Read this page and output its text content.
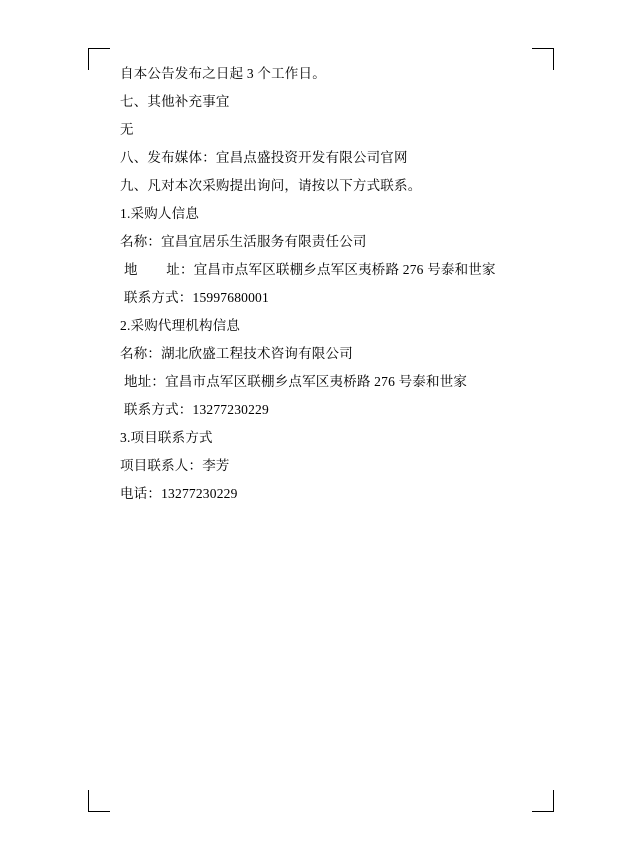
自本公告发布之日起 3 个工作日。
七、其他补充事宜
无
八、发布媒体：宜昌点盛投资开发有限公司官网
九、凡对本次采购提出询问，请按以下方式联系。
1.采购人信息
名称：宜昌宜居乐生活服务有限责任公司
地        址：宜昌市点军区联棚乡点军区夷桥路 276 号泰和世家
联系方式：15997680001
2.采购代理机构信息
名称：湖北欣盛工程技术咨询有限公司
地址：宜昌市点军区联棚乡点军区夷桥路 276 号泰和世家
联系方式：13277230229
3.项目联系方式
项目联系人：李芳
电话：13277230229
